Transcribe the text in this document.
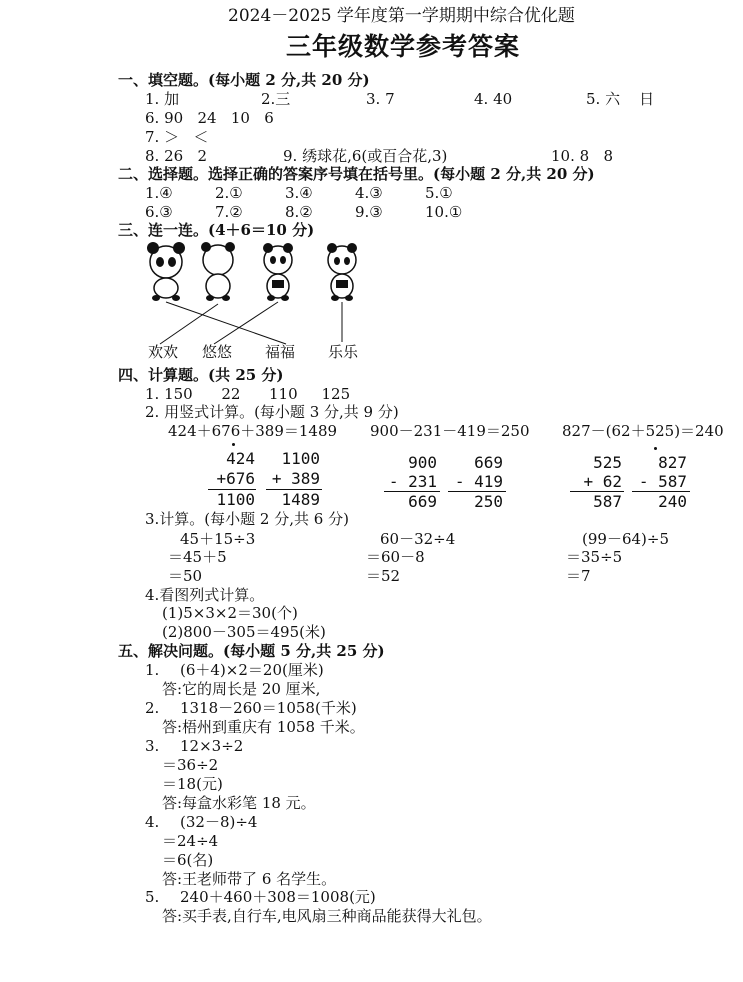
2024－2025 学年度第一学期期中综合优化题
三年级数学参考答案
一、填空题。(每小题 2 分,共 20 分)
1. 加	2.三	3. 7	4. 40	5. 六    日
6. 90   24   10   6
7. ＞   ＜
8. 26   2	9. 绣球花,6(或百合花,3)	10. 8   8
二、选择题。选择正确的答案序号填在括号里。(每小题 2 分,共 20 分)
1.④	2.①	3.④	4.③	5.①
6.③	7.②	8.②	9.③	10.①
三、连一连。(4＋6＝10 分)
欢欢 悠悠 福福 乐乐
四、计算题。(共 25 分)
1. 150      22      110     125
2. 用竖式计算。(每小题 3 分,共 9 分)
424＋676＋389＝1489 900－231－419＝250 827－(62＋525)＝240
424
+676
1100
1100
+ 389
1489
900
- 231
669
669
- 419
250
525
+ 62
587
827
- 587
240
3.计算。(每小题 2 分,共 6 分)
45＋15÷3
＝45＋5
＝50
60－32÷4
＝60－8
＝52
(99－64)÷5
＝35÷5
＝7
4.看图列式计算。
(1)5×3×2＝30(个)
(2)800－305＝495(米)
五、解决问题。(每小题 5 分,共 25 分)
1. (6＋4)×2＝20(厘米)
答:它的周长是 20 厘米,
2. 1318－260＝1058(千米)
答:梧州到重庆有 1058 千米。
3. 12×3÷2
＝36÷2
＝18(元)
答:每盒水彩笔 18 元。
4. (32－8)÷4
＝24÷4
＝6(名)
答:王老师带了 6 名学生。
5. 240＋460＋308＝1008(元)
答:买手表,自行车,电风扇三种商品能获得大礼包。
